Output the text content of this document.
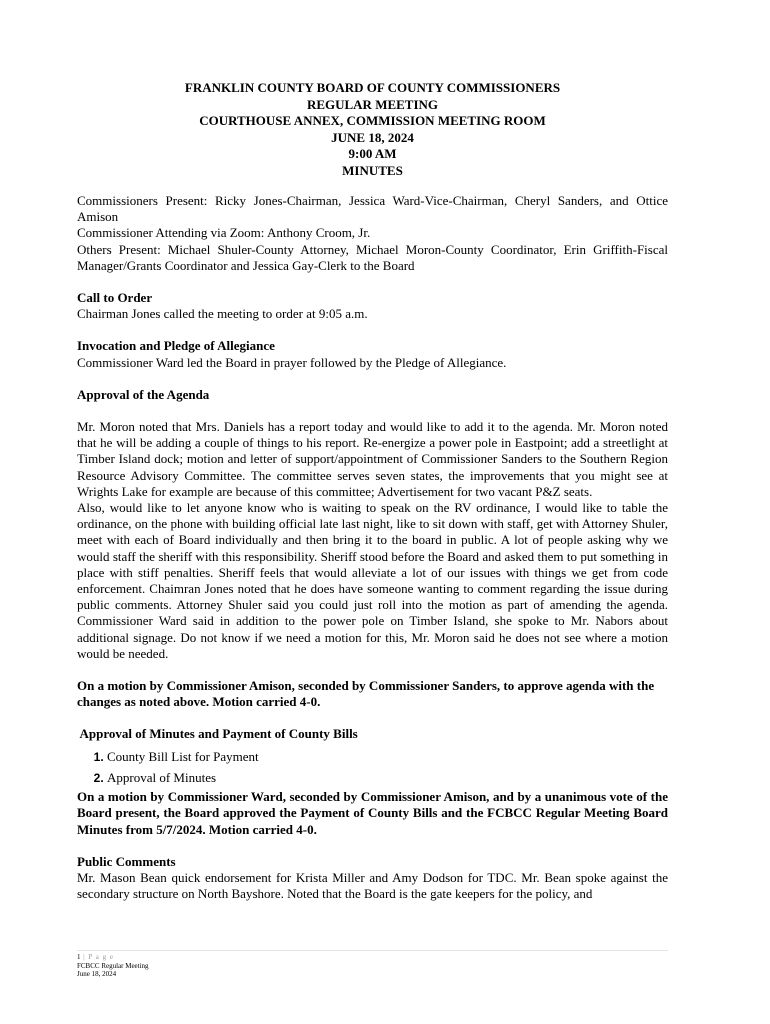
FRANKLIN COUNTY BOARD OF COUNTY COMMISSIONERS
REGULAR MEETING
COURTHOUSE ANNEX, COMMISSION MEETING ROOM
JUNE 18, 2024
9:00 AM
MINUTES

Commissioners Present: Ricky Jones-Chairman, Jessica Ward-Vice-Chairman, Cheryl Sanders, and Ottice Amison

Commissioner Attending via Zoom: Anthony Croom, Jr.

Others Present: Michael Shuler-County Attorney, Michael Moron-County Coordinator, Erin Griffith-Fiscal Manager/Grants Coordinator and Jessica Gay-Clerk to the Board

Call to Order

Chairman Jones called the meeting to order at 9:05 a.m.

Invocation and Pledge of Allegiance

Commissioner Ward led the Board in prayer followed by the Pledge of Allegiance.

Approval of the Agenda

Mr. Moron noted that Mrs. Daniels has a report today and would like to add it to the agenda. Mr. Moron noted that he will be adding a couple of things to his report. Re-energize a power pole in Eastpoint; add a streetlight at Timber Island dock; motion and letter of support/appointment of Commissioner Sanders to the Southern Region Resource Advisory Committee. The committee serves seven states, the improvements that you might see at Wrights Lake for example are because of this committee; Advertisement for two vacant P&Z seats.

Also, would like to let anyone know who is waiting to speak on the RV ordinance, I would like to table the ordinance, on the phone with building official late last night, like to sit down with staff, get with Attorney Shuler, meet with each of Board individually and then bring it to the board in public. A lot of people asking why we would staff the sheriff with this responsibility. Sheriff stood before the Board and asked them to put something in place with stiff penalties. Sheriff feels that would alleviate a lot of our issues with things we get from code enforcement. Chaimran Jones noted that he does have someone wanting to comment regarding the issue during public comments. Attorney Shuler said you could just roll into the motion as part of amending the agenda. Commissioner Ward said in addition to the power pole on Timber Island, she spoke to Mr. Nabors about additional signage. Do not know if we need a motion for this, Mr. Moron said he does not see where a motion would be needed.

On a motion by Commissioner Amison, seconded by Commissioner Sanders, to approve agenda with the changes as noted above. Motion carried 4-0.

Approval of Minutes and Payment of County Bills

1. County Bill List for Payment
2. Approval of Minutes

On a motion by Commissioner Ward, seconded by Commissioner Amison, and by a unanimous vote of the Board present, the Board approved the Payment of County Bills and the FCBCC Regular Meeting Board Minutes from 5/7/2024. Motion carried 4-0.

Public Comments

Mr. Mason Bean quick endorsement for Krista Miller and Amy Dodson for TDC. Mr. Bean spoke against the secondary structure on North Bayshore. Noted that the Board is the gate keepers for the policy, and

1 | P a g e
FCBCC Regular Meeting
June 18, 2024
